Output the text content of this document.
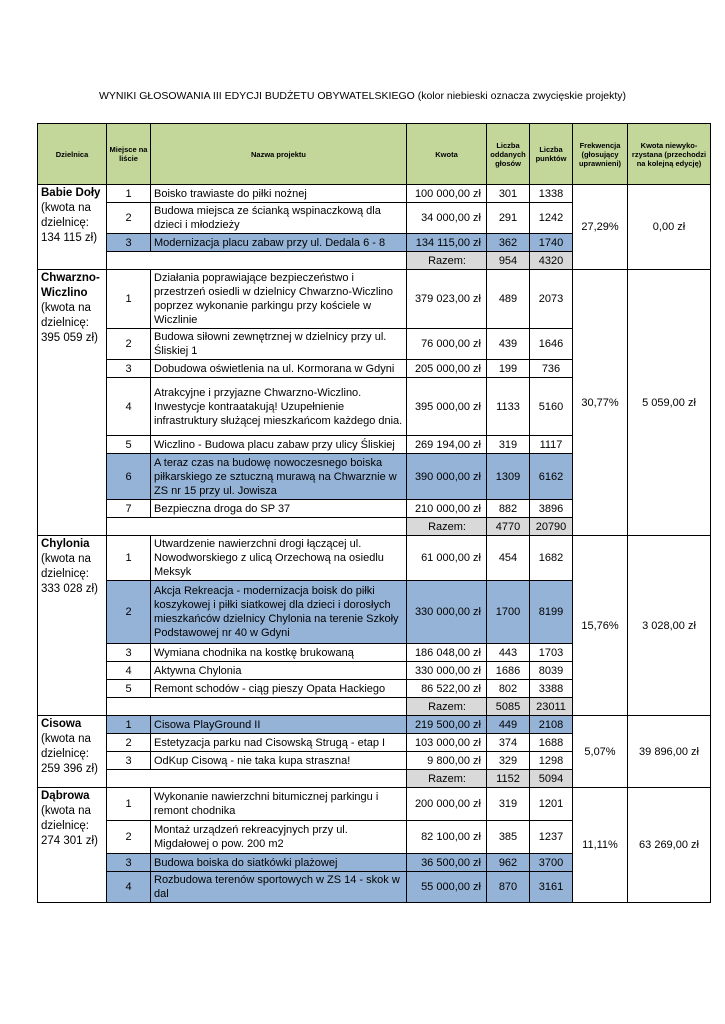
WYNIKI GŁOSOWANIA III EDYCJI BUDŻETU OBYWATELSKIEGO (kolor niebieski oznacza zwycięskie projekty)
Dzielnica	Miejsce na liście	Nazwa projektu	Kwota	Liczba oddanych głosów	Liczba punktów	Frekwencja (głosujący uprawnieni)	Kwota niewyko-rzystana (przechodzi na kolejną edycję)
Babie Doły
(kwota na dzielnicę: 134 115 zł)	1	Boisko trawiaste do piłki nożnej	100 000,00 zł	301	1338	27,29%	0,00 zł
	2	Budowa miejsca ze ścianką wspinaczkową dla dzieci i młodzieży	34 000,00 zł	291	1242		
	3	Modernizacja placu zabaw przy ul. Dedala 6 - 8	134 115,00 zł	362	1740		
			Razem:	954	4320		
Chwarzno-Wiczlino
(kwota na dzielnicę: 395 059 zł)	1	Działania poprawiające bezpieczeństwo i przestrzeń osiedli w dzielnicy Chwarzno-Wiczlino poprzez wykonanie parkingu przy kościele w Wiczlinie	379 023,00 zł	489	2073	30,77%	5 059,00 zł
	2	Budowa siłowni zewnętrznej w dzielnicy przy ul. Śliskiej 1	76 000,00 zł	439	1646		
	3	Dobudowa oświetlenia na ul. Kormorana w Gdyni	205 000,00 zł	199	736		
	4	Atrakcyjne i przyjazne Chwarzno-Wiczlino. Inwestycje kontraatakują! Uzupełnienie infrastruktury służącej mieszkańcom każdego dnia.	395 000,00 zł	1133	5160		
	5	Wiczlino - Budowa placu zabaw przy ulicy Śliskiej	269 194,00 zł	319	1117		
	6	A teraz czas na budowę nowoczesnego boiska piłkarskiego ze sztuczną murawą na Chwarznie w ZS nr 15 przy ul. Jowisza	390 000,00 zł	1309	6162		
	7	Bezpieczna droga do SP 37	210 000,00 zł	882	3896		
			Razem:	4770	20790		
Chylonia
(kwota na dzielnicę: 333 028 zł)	1	Utwardzenie nawierzchni drogi łączącej ul. Nowodworskiego z ulicą Orzechową na osiedlu Meksyk	61 000,00 zł	454	1682	15,76%	3 028,00 zł
	2	Akcja Rekreacja - modernizacja boisk do piłki koszykowej i piłki siatkowej dla dzieci i dorosłych mieszkańców dzielnicy Chylonia na terenie Szkoły Podstawowej nr 40 w Gdyni	330 000,00 zł	1700	8199		
	3	Wymiana chodnika na kostkę brukowaną	186 048,00 zł	443	1703		
	4	Aktywna Chylonia	330 000,00 zł	1686	8039		
	5	Remont schodów - ciąg pieszy Opata Hackiego	86 522,00 zł	802	3388		
			Razem:	5085	23011		
Cisowa
(kwota na dzielnicę: 259 396 zł)	1	Cisowa PlayGround II	219 500,00 zł	449	2108	5,07%	39 896,00 zł
	2	Estetyzacja parku nad Cisowską Strugą - etap I	103 000,00 zł	374	1688		
	3	OdKup Cisową - nie taka kupa straszna!	9 800,00 zł	329	1298		
			Razem:	1152	5094		
Dąbrowa
(kwota na dzielnicę: 274 301 zł)	1	Wykonanie nawierzchni bitumicznej parkingu i remont chodnika	200 000,00 zł	319	1201	11,11%	63 269,00 zł
	2	Montaż urządzeń rekreacyjnych przy ul. Migdałowej o pow. 200 m2	82 100,00 zł	385	1237		
	3	Budowa boiska do siatkówki plażowej	36 500,00 zł	962	3700		
	4	Rozbudowa terenów sportowych w ZS 14 - skok w dal	55 000,00 zł	870	3161		
